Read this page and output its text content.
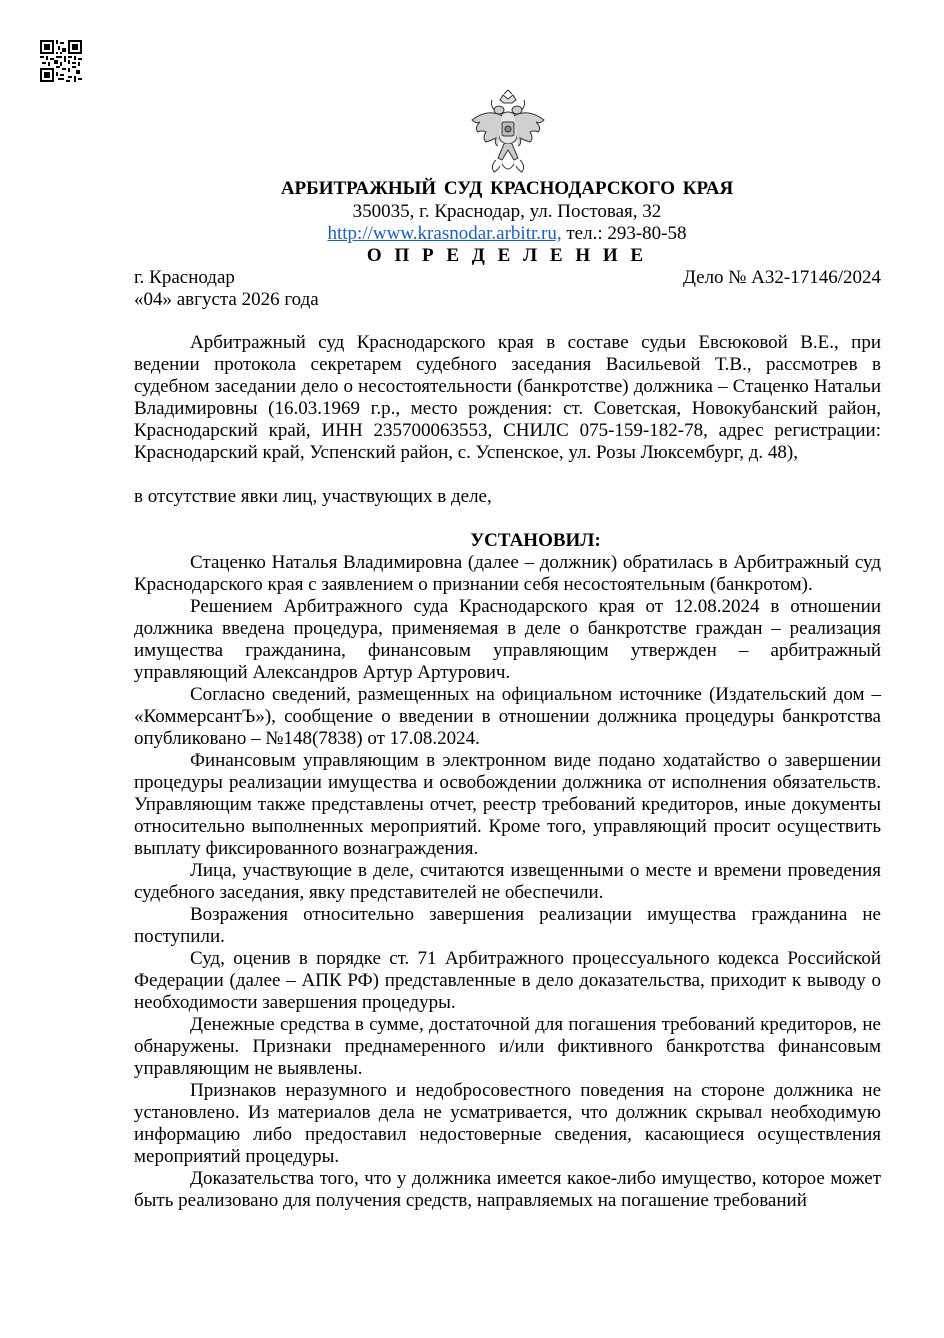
АРБИТРАЖНЫЙ СУД КРАСНОДАРСКОГО КРАЯ
350035, г. Краснодар, ул. Постовая, 32
http://www.krasnodar.arbitr.ru, тел.: 293-80-58
О П Р Е Д Е Л Е Н И Е
г. Краснодар	Дело № А32-17146/2024
«04» августа 2026 года

Арбитражный суд Краснодарского края в составе судьи Евсюковой В.Е., при ведении протокола секретарем судебного заседания Васильевой Т.В., рассмотрев в судебном заседании дело о несостоятельности (банкротстве) должника – Стаценко Натальи Владимировны (16.03.1969 г.р., место рождения: ст. Советская, Новокубанский район, Краснодарский край, ИНН 235700063553, СНИЛС 075-159-182-78, адрес регистрации: Краснодарский край, Успенский район, с. Успенское, ул. Розы Люксембург, д. 48),

в отсутствие явки лиц, участвующих в деле,

УСТАНОВИЛ:

Стаценко Наталья Владимировна (далее – должник) обратилась в Арбитражный суд Краснодарского края с заявлением о признании себя несостоятельным (банкротом).

Решением Арбитражного суда Краснодарского края от 12.08.2024 в отношении должника введена процедура, применяемая в деле о банкротстве граждан – реализация имущества гражданина, финансовым управляющим утвержден – арбитражный управляющий Александров Артур Артурович.

Согласно сведений, размещенных на официальном источнике (Издательский дом – «КоммерсантЪ»), сообщение о введении в отношении должника процедуры банкротства опубликовано – №148(7838) от 17.08.2024.

Финансовым управляющим в электронном виде подано ходатайство о завершении процедуры реализации имущества и освобождении должника от исполнения обязательств. Управляющим также представлены отчет, реестр требований кредиторов, иные документы относительно выполненных мероприятий. Кроме того, управляющий просит осуществить выплату фиксированного вознаграждения.

Лица, участвующие в деле, считаются извещенными о месте и времени проведения судебного заседания, явку представителей не обеспечили.

Возражения относительно завершения реализации имущества гражданина не поступили.

Суд, оценив в порядке ст. 71 Арбитражного процессуального кодекса Российской Федерации (далее – АПК РФ) представленные в дело доказательства, приходит к выводу о необходимости завершения процедуры.

Денежные средства в сумме, достаточной для погашения требований кредиторов, не обнаружены. Признаки преднамеренного и/или фиктивного банкротства финансовым управляющим не выявлены.

Признаков неразумного и недобросовестного поведения на стороне должника не установлено. Из материалов дела не усматривается, что должник скрывал необходимую информацию либо предоставил недостоверные сведения, касающиеся осуществления мероприятий процедуры.

Доказательства того, что у должника имеется какое-либо имущество, которое может быть реализовано для получения средств, направляемых на погашение требований
